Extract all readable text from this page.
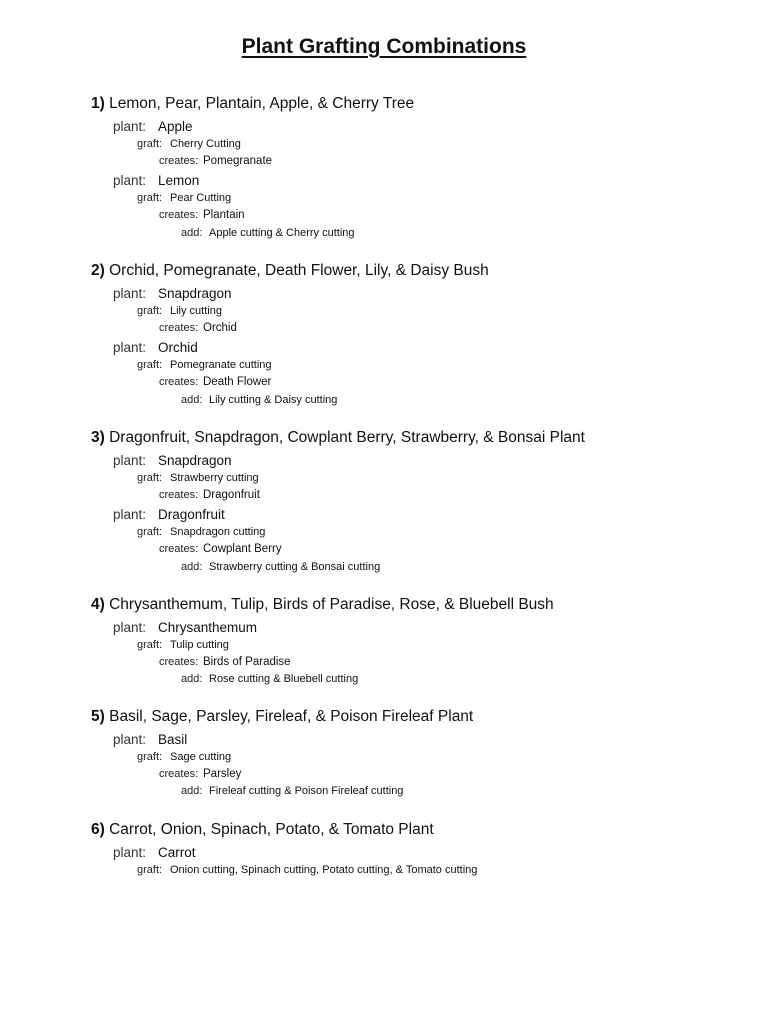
Plant Grafting Combinations
1) Lemon, Pear, Plantain, Apple, & Cherry Tree
plant: Apple
graft: Cherry Cutting
creates: Pomegranate
plant: Lemon
graft: Pear Cutting
creates: Plantain
add: Apple cutting & Cherry cutting
2) Orchid, Pomegranate, Death Flower, Lily, & Daisy Bush
plant: Snapdragon
graft: Lily cutting
creates: Orchid
plant: Orchid
graft: Pomegranate cutting
creates: Death Flower
add: Lily cutting & Daisy cutting
3) Dragonfruit, Snapdragon, Cowplant Berry, Strawberry, & Bonsai Plant
plant: Snapdragon
graft: Strawberry cutting
creates: Dragonfruit
plant: Dragonfruit
graft: Snapdragon cutting
creates: Cowplant Berry
add: Strawberry cutting & Bonsai cutting
4) Chrysanthemum, Tulip, Birds of Paradise, Rose, & Bluebell Bush
plant: Chrysanthemum
graft: Tulip cutting
creates: Birds of Paradise
add: Rose cutting & Bluebell cutting
5) Basil, Sage, Parsley, Fireleaf, & Poison Fireleaf Plant
plant: Basil
graft: Sage cutting
creates: Parsley
add: Fireleaf cutting & Poison Fireleaf cutting
6) Carrot, Onion, Spinach, Potato, & Tomato Plant
plant: Carrot
graft: Onion cutting, Spinach cutting, Potato cutting, & Tomato cutting
